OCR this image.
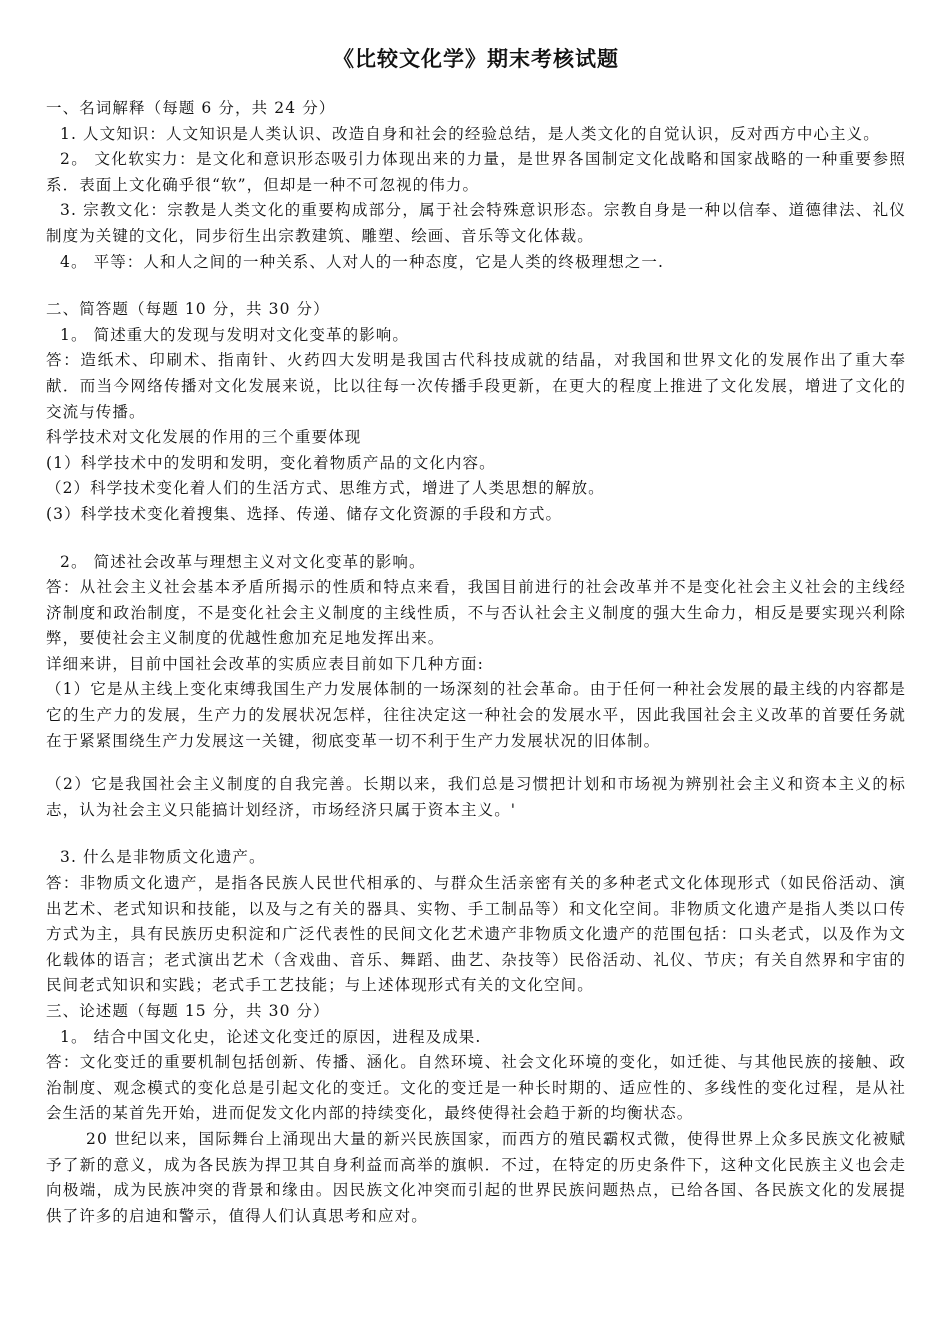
《比较文化学》期末考核试题
一、名词解释（每题 6 分，共 24 分）
1. 人文知识：人文知识是人类认识、改造自身和社会的经验总结，是人类文化的自觉认识，反对西方中心主义。
2。 文化软实力：是文化和意识形态吸引力体现出来的力量，是世界各国制定文化战略和国家战略的一种重要参照系．表面上文化确乎很“软”，但却是一种不可忽视的伟力。
3. 宗教文化：宗教是人类文化的重要构成部分，属于社会特殊意识形态。宗教自身是一种以信奉、道德律法、礼仪制度为关键的文化，同步衍生出宗教建筑、雕塑、绘画、音乐等文化体裁。
4。 平等：人和人之间的一种关系、人对人的一种态度，它是人类的终极理想之一.
二、简答题（每题 10 分，共 30 分）
1。 简述重大的发现与发明对文化变革的影响。
答：造纸术、印刷术、指南针、火药四大发明是我国古代科技成就的结晶，对我国和世界文化的发展作出了重大奉献．而当今网络传播对文化发展来说，比以往每一次传播手段更新，在更大的程度上推进了文化发展，增进了文化的交流与传播。
科学技术对文化发展的作用的三个重要体现
(1）科学技术中的发明和发明，变化着物质产品的文化内容。
（2）科学技术变化着人们的生活方式、思维方式，增进了人类思想的解放。
(3）科学技术变化着搜集、选择、传递、储存文化资源的手段和方式。
2。 简述社会改革与理想主义对文化变革的影响。
答：从社会主义社会基本矛盾所揭示的性质和特点来看，我国目前进行的社会改革并不是变化社会主义社会的主线经济制度和政治制度，不是变化社会主义制度的主线性质，不与否认社会主义制度的强大生命力，相反是要实现兴利除弊，要使社会主义制度的优越性愈加充足地发挥出来。
详细来讲，目前中国社会改革的实质应表目前如下几种方面:
（1）它是从主线上变化束缚我国生产力发展体制的一场深刻的社会革命。由于任何一种社会发展的最主线的内容都是它的生产力的发展，生产力的发展状况怎样，往往决定这一种社会的发展水平，因此我国社会主义改革的首要任务就在于紧紧围绕生产力发展这一关键，彻底变革一切不利于生产力发展状况的旧体制。
（2）它是我国社会主义制度的自我完善。长期以来，我们总是习惯把计划和市场视为辨别社会主义和资本主义的标志，认为社会主义只能搞计划经济，市场经济只属于资本主义。'
3. 什么是非物质文化遗产。
答：非物质文化遗产，是指各民族人民世代相承的、与群众生活亲密有关的多种老式文化体现形式（如民俗活动、演出艺术、老式知识和技能，以及与之有关的器具、实物、手工制品等）和文化空间。非物质文化遗产是指人类以口传方式为主，具有民族历史积淀和广泛代表性的民间文化艺术遗产非物质文化遗产的范围包括：口头老式，以及作为文化载体的语言；老式演出艺术（含戏曲、音乐、舞蹈、曲艺、杂技等）民俗活动、礼仪、节庆；有关自然界和宇宙的民间老式知识和实践；老式手工艺技能；与上述体现形式有关的文化空间。
三、论述题（每题 15 分，共 30 分）
1。 结合中国文化史，论述文化变迁的原因，进程及成果.
答：文化变迁的重要机制包括创新、传播、涵化。自然环境、社会文化环境的变化，如迁徙、与其他民族的接触、政治制度、观念模式的变化总是引起文化的变迁。文化的变迁是一种长时期的、适应性的、多线性的变化过程，是从社会生活的某首先开始，进而促发文化内部的持续变化，最终使得社会趋于新的均衡状态。
20 世纪以来，国际舞台上涌现出大量的新兴民族国家，而西方的殖民霸权式微，使得世界上众多民族文化被赋予了新的意义，成为各民族为捍卫其自身利益而高举的旗帜．不过，在特定的历史条件下，这种文化民族主义也会走向极端，成为民族冲突的背景和缘由。因民族文化冲突而引起的世界民族问题热点，已给各国、各民族文化的发展提供了许多的启迪和警示，值得人们认真思考和应对。
